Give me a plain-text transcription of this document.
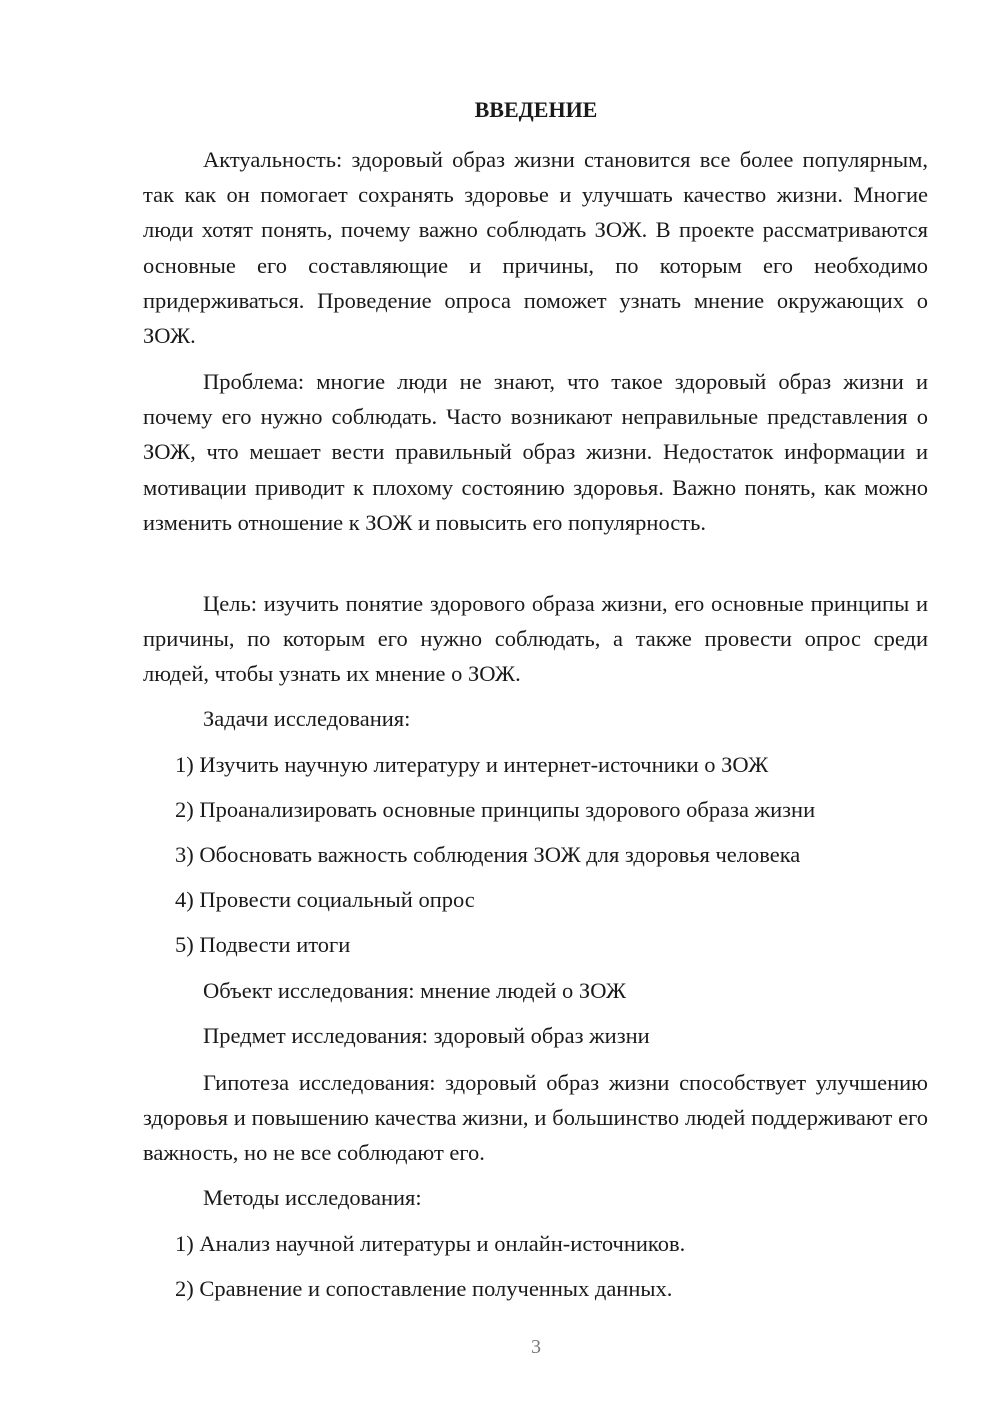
ВВЕДЕНИЕ

Актуальность: здоровый образ жизни становится все более популярным, так как он помогает сохранять здоровье и улучшать качество жизни. Многие люди хотят понять, почему важно соблюдать ЗОЖ. В проекте рассматриваются основные его составляющие и причины, по которым его необходимо придерживаться. Проведение опроса поможет узнать мнение окружающих о ЗОЖ.

Проблема: многие люди не знают, что такое здоровый образ жизни и почему его нужно соблюдать. Часто возникают неправильные представления о ЗОЖ, что мешает вести правильный образ жизни. Недостаток информации и мотивации приводит к плохому состоянию здоровья. Важно понять, как можно изменить отношение к ЗОЖ и повысить его популярность.

Цель: изучить понятие здорового образа жизни, его основные принципы и причины, по которым его нужно соблюдать, а также провести опрос среди людей, чтобы узнать их мнение о ЗОЖ.

Задачи исследования:

1) Изучить научную литературу и интернет-источники о ЗОЖ

2) Проанализировать основные принципы здорового образа жизни

3) Обосновать важность соблюдения ЗОЖ для здоровья человека

4) Провести социальный опрос

5) Подвести итоги

Объект исследования: мнение людей о ЗОЖ

Предмет исследования: здоровый образ жизни

Гипотеза исследования: здоровый образ жизни способствует улучшению здоровья и повышению качества жизни, и большинство людей поддерживают его важность, но не все соблюдают его.

Методы исследования:

1) Анализ научной литературы и онлайн-источников.

2) Сравнение и сопоставление полученных данных.

3
